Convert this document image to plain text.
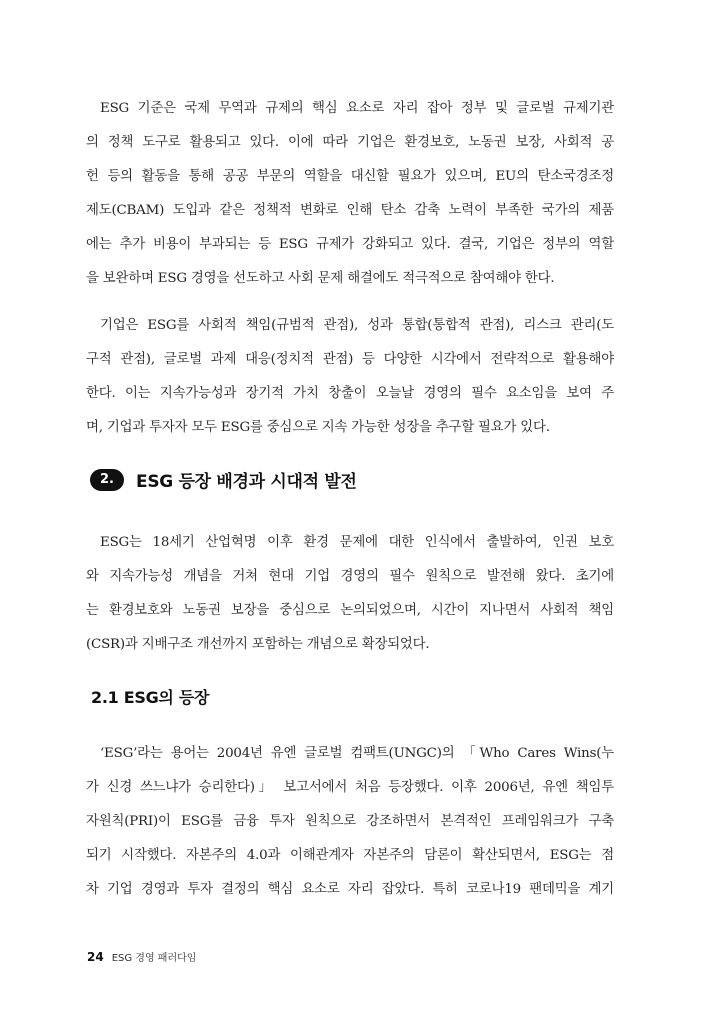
ESG 기준은 국제 무역과 규제의 핵심 요소로 자리 잡아 정부 및 글로벌 규제기관
의 정책 도구로 활용되고 있다. 이에 따라 기업은 환경보호, 노동권 보장, 사회적 공
헌 등의 활동을 통해 공공 부문의 역할을 대신할 필요가 있으며, EU의 탄소국경조정
제도(CBAM) 도입과 같은 정책적 변화로 인해 탄소 감축 노력이 부족한 국가의 제품
에는 추가 비용이 부과되는 등 ESG 규제가 강화되고 있다. 결국, 기업은 정부의 역할
을 보완하며 ESG 경영을 선도하고 사회 문제 해결에도 적극적으로 참여해야 한다.
기업은 ESG를 사회적 책임(규범적 관점), 성과 통합(통합적 관점), 리스크 관리(도
구적 관점), 글로벌 과제 대응(정치적 관점) 등 다양한 시각에서 전략적으로 활용해야
한다. 이는 지속가능성과 장기적 가치 창출이 오늘날 경영의 필수 요소임을 보여 주
며, 기업과 투자자 모두 ESG를 중심으로 지속 가능한 성장을 추구할 필요가 있다.
2.	ESG 등장 배경과 시대적 발전
ESG는 18세기 산업혁명 이후 환경 문제에 대한 인식에서 출발하여, 인권 보호
와 지속가능성 개념을 거쳐 현대 기업 경영의 필수 원칙으로 발전해 왔다. 초기에
는 환경보호와 노동권 보장을 중심으로 논의되었으며, 시간이 지나면서 사회적 책임
(CSR)과 지배구조 개선까지 포함하는 개념으로 확장되었다.
2.1 ESG의 등장
‘ESG’라는 용어는 2004년 유엔 글로벌 컴팩트(UNGC)의 「Who Cares Wins(누
가 신경 쓰느냐가 승리한다)」 보고서에서 처음 등장했다. 이후 2006년, 유엔 책임투
자원칙(PRI)이 ESG를 금융 투자 원칙으로 강조하면서 본격적인 프레임워크가 구축
되기 시작했다. 자본주의 4.0과 이해관계자 자본주의 담론이 확산되면서, ESG는 점
차 기업 경영과 투자 결정의 핵심 요소로 자리 잡았다. 특히 코로나19 팬데믹을 계기
24 ESG 경영 패러다임
